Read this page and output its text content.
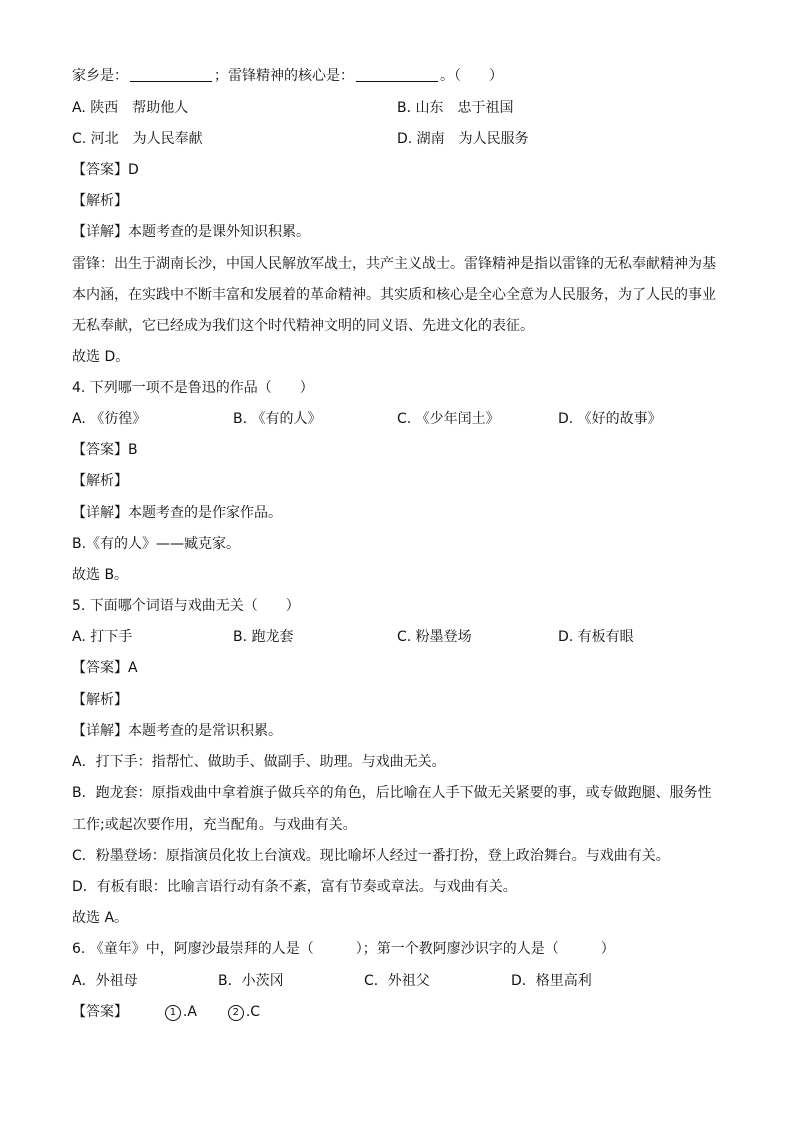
家乡是：	；雷锋精神的核心是：	。（　　）
A. 陕西　帮助他人	B. 山东　忠于祖国
C. 河北　为人民奉献	D. 湖南　为人民服务
【答案】D
【解析】
【详解】本题考查的是课外知识积累。
雷锋：出生于湖南长沙，中国人民解放军战士，共产主义战士。雷锋精神是指以雷锋的无私奉献精神为基
本内涵，在实践中不断丰富和发展着的革命精神。其实质和核心是全心全意为人民服务，为了人民的事业
无私奉献，它已经成为我们这个时代精神文明的同义语、先进文化的表征。
故选 D。
4. 下列哪一项不是鲁迅的作品（　　）
A. 《彷徨》	B. 《有的人》	C. 《少年闰土》	D. 《好的故事》
【答案】B
【解析】
【详解】本题考查的是作家作品。
B.《有的人》——臧克家。
故选 B。
5. 下面哪个词语与戏曲无关（　　）
A. 打下手	B. 跑龙套	C. 粉墨登场	D. 有板有眼
【答案】A
【解析】
【详解】本题考查的是常识积累。
A．打下手：指帮忙、做助手、做副手、助理。与戏曲无关。
B．跑龙套：原指戏曲中拿着旗子做兵卒的角色，后比喻在人手下做无关紧要的事，或专做跑腿、服务性
工作;或起次要作用，充当配角。与戏曲有关。
C．粉墨登场：原指演员化妆上台演戏。现比喻坏人经过一番打扮，登上政治舞台。与戏曲有关。
D．有板有眼：比喻言语行动有条不紊，富有节奏或章法。与戏曲有关。
故选 A。
6. 《童年》中，阿廖沙最崇拜的人是（　　　）；第一个教阿廖沙识字的人是（　　　）
A．外祖母	B．小茨冈	C．外祖父	D．格里高利
【答案】	1 .A	2 .C
